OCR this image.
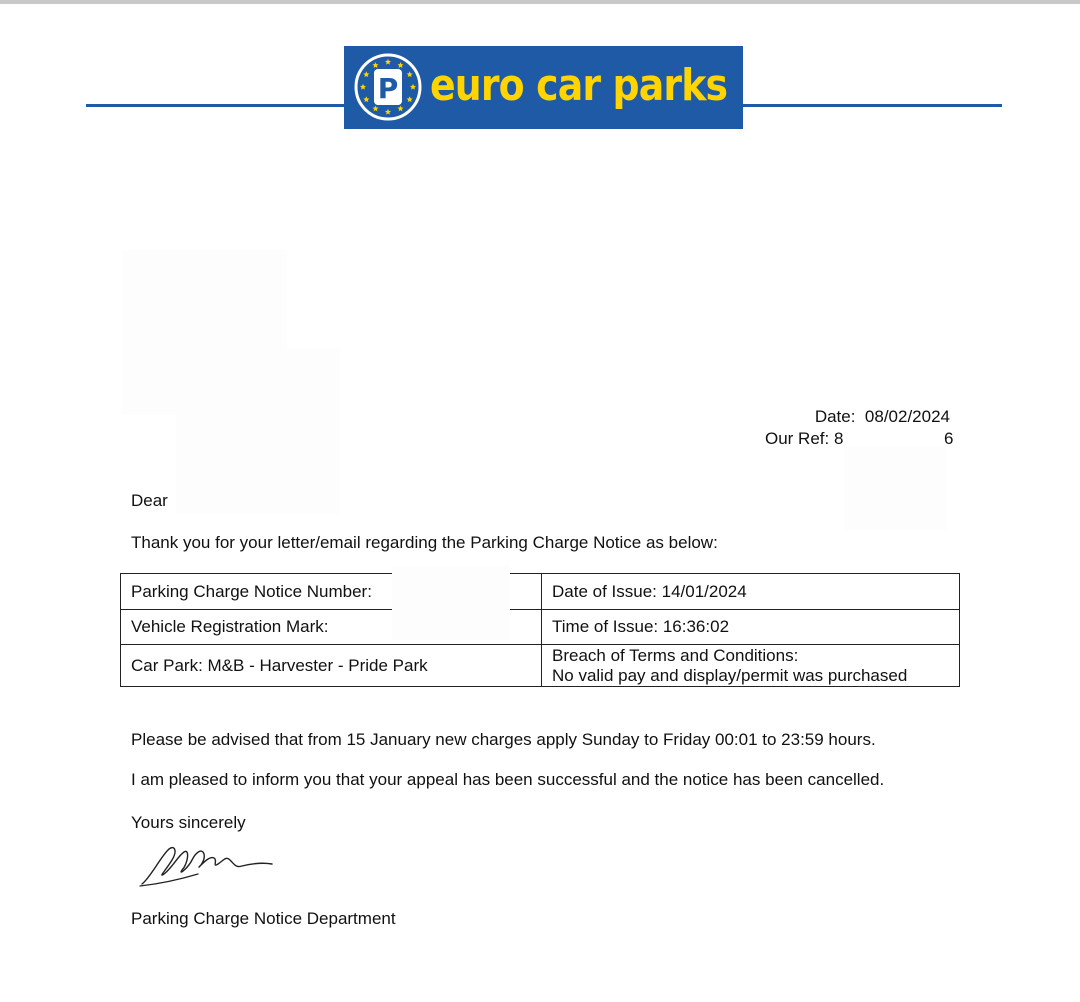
P euro car parks
Date: 08/02/2024
Our Ref: 8	6
Dear
Thank you for your letter/email regarding the Parking Charge Notice as below:
Parking Charge Notice Number:	Date of Issue: 14/01/2024
Vehicle Registration Mark:	Time of Issue: 16:36:02
Car Park: M&B - Harvester - Pride Park	Breach of Terms and Conditions:
No valid pay and display/permit was purchased
Please be advised that from 15 January new charges apply Sunday to Friday 00:01 to 23:59 hours.
I am pleased to inform you that your appeal has been successful and the notice has been cancelled.
Yours sincerely
Parking Charge Notice Department
